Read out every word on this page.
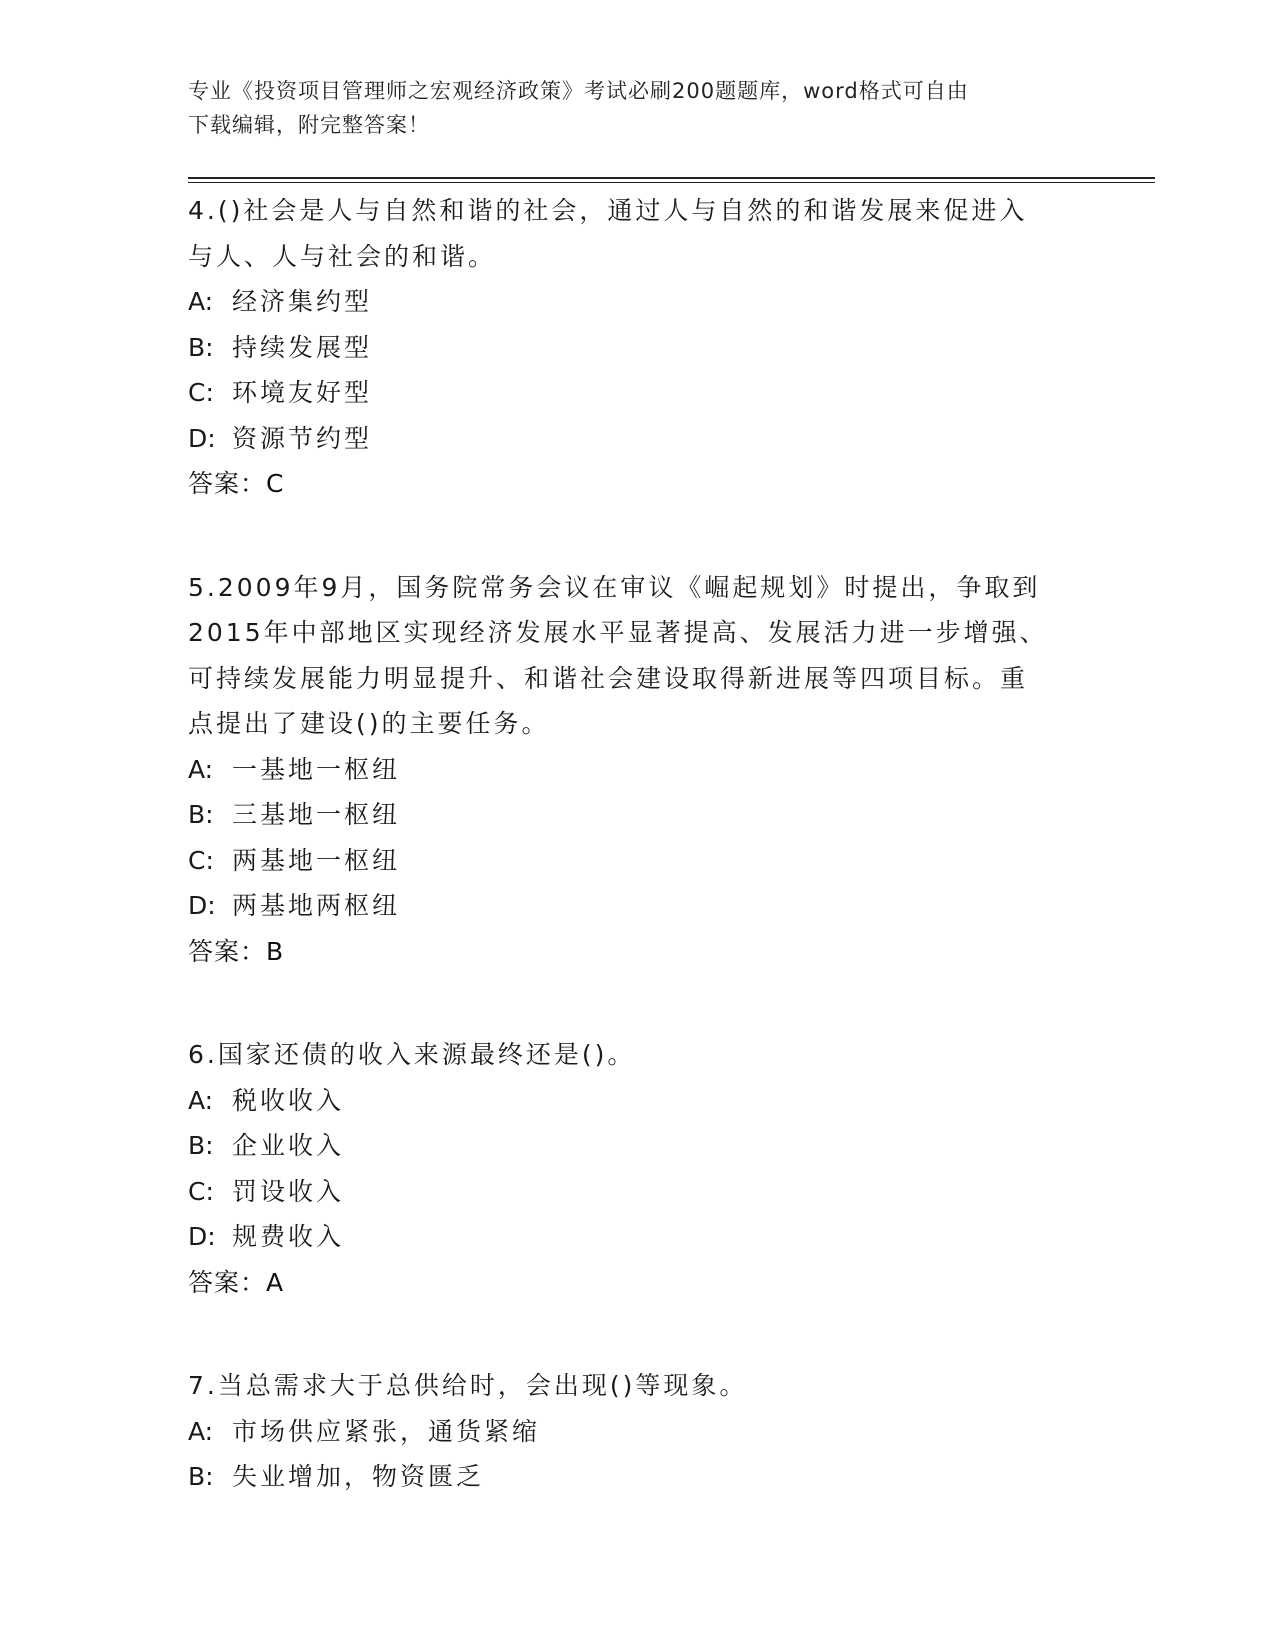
专业《投资项目管理师之宏观经济政策》考试必刷200题题库，word格式可自由
下载编辑，附完整答案！
4.()社会是人与自然和谐的社会，通过人与自然的和谐发展来促进入
与人、人与社会的和谐。
A: 经济集约型
B: 持续发展型
C: 环境友好型
D: 资源节约型
答案：C
5.2009年9月，国务院常务会议在审议《崛起规划》时提出，争取到
2015年中部地区实现经济发展水平显著提高、发展活力进一步增强、
可持续发展能力明显提升、和谐社会建设取得新进展等四项目标。重
点提出了建设()的主要任务。
A: 一基地一枢纽
B: 三基地一枢纽
C: 两基地一枢纽
D: 两基地两枢纽
答案：B
6.国家还债的收入来源最终还是()。
A: 税收收入
B: 企业收入
C: 罚设收入
D: 规费收入
答案：A
7.当总需求大于总供给时，会出现()等现象。
A: 市场供应紧张，通货紧缩
B: 失业增加，物资匮乏
